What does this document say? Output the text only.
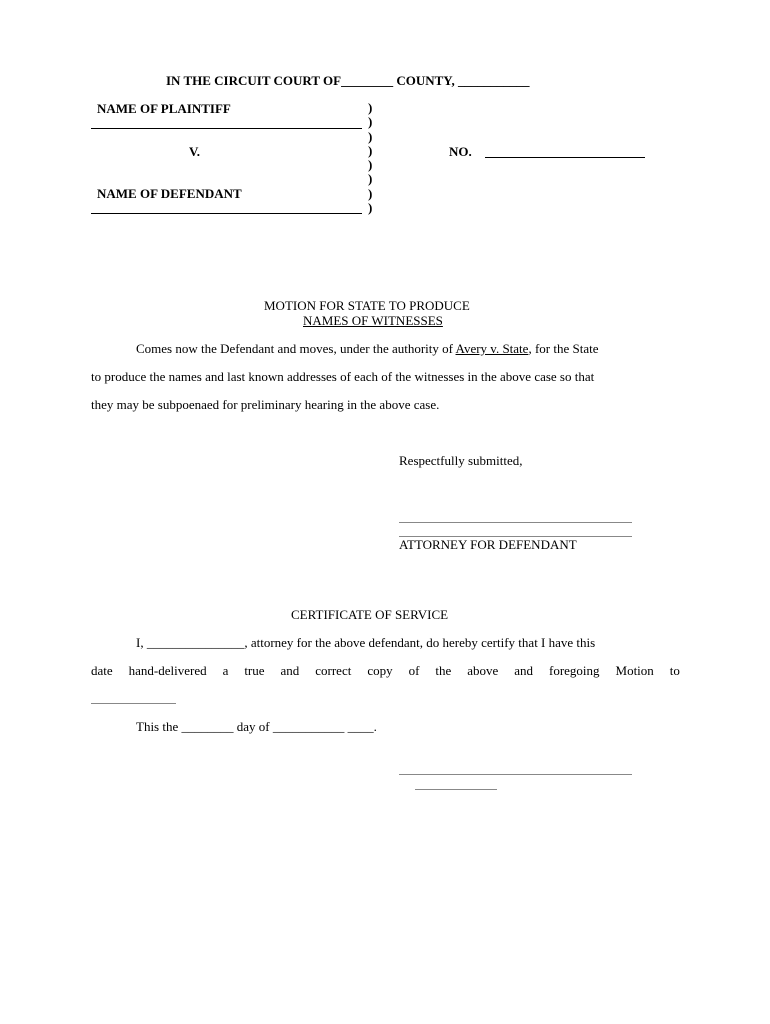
IN THE CIRCUIT COURT OF________ COUNTY, ___________
NAME OF PLAINTIFF
V.
NAME OF DEFENDANT
)
)
)
)
)
)
)
)
NO.
MOTION FOR STATE TO PRODUCE
NAMES OF WITNESSES
Comes now the Defendant and moves, under the authority of Avery v. State, for the State
to produce the names and last known addresses of each of the witnesses in the above case so that
they may be subpoenaed for preliminary hearing in the above case.
Respectfully submitted,
ATTORNEY FOR DEFENDANT
CERTIFICATE OF SERVICE
I, _______________, attorney for the above defendant, do hereby certify that I have this
date hand-delivered a true and correct copy of the above and foregoing Motion to
This the ________ day of ___________ ____.
